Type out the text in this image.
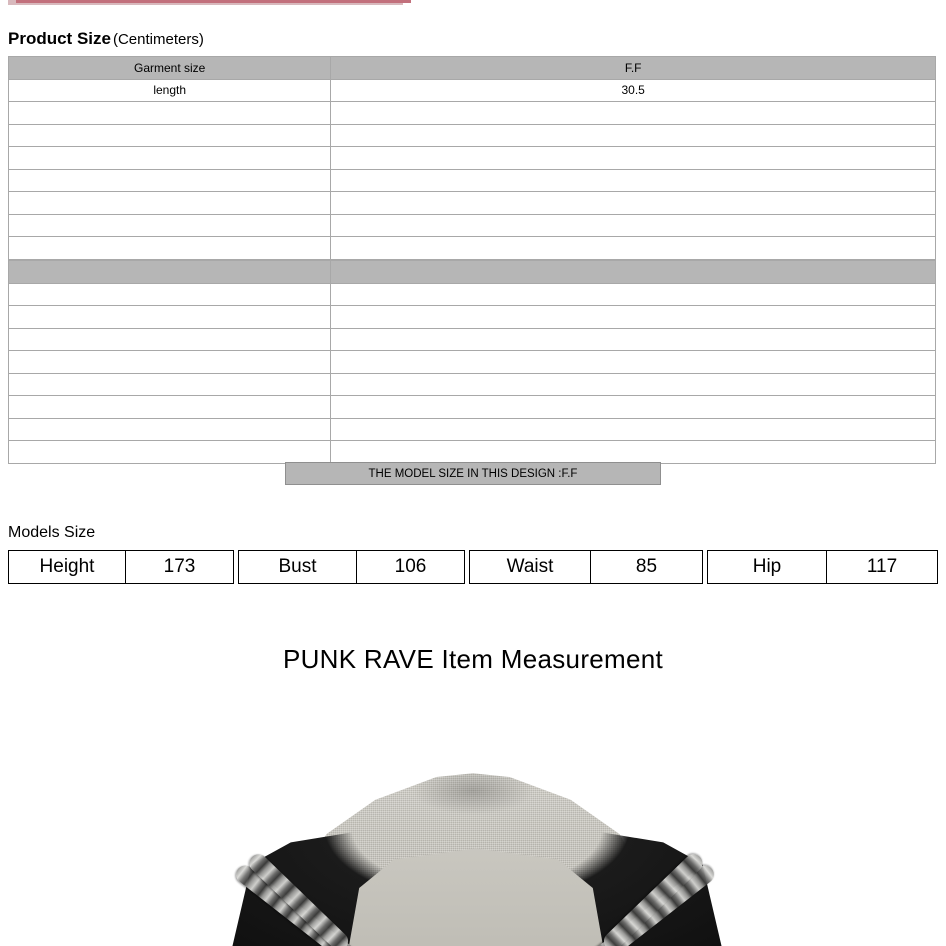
Product Size (Centimeters)
Garment size	F.F
length	30.5

THE MODEL SIZE IN THIS DESIGN :F.F
Models Size
Height	173	Bust	106	Waist	85	Hip	117
PUNK RAVE Item Measurement
